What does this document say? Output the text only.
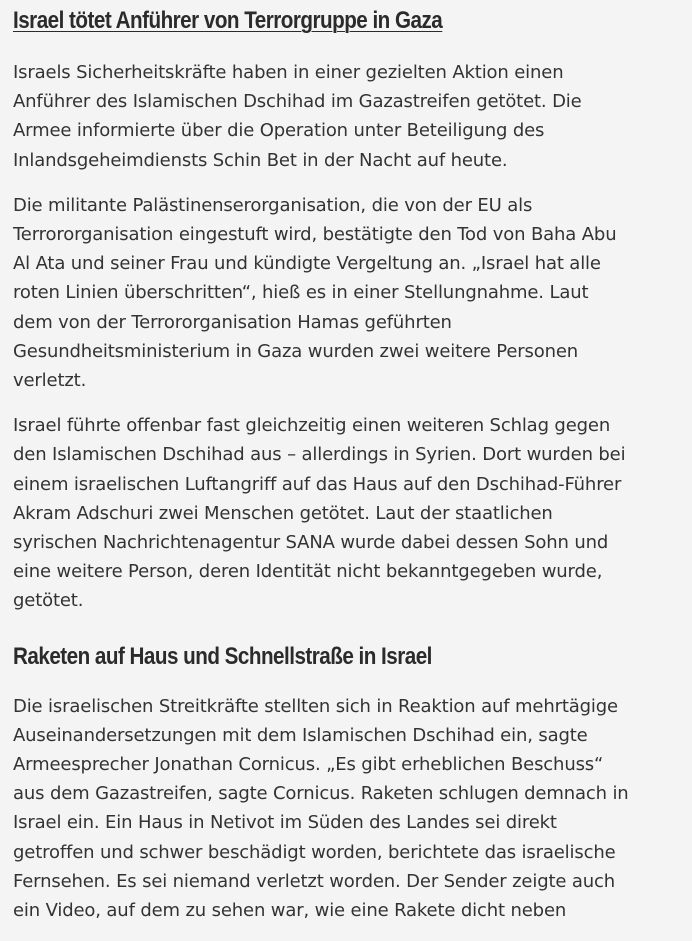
Israel tötet Anführer von Terrorgruppe in Gaza

Israels Sicherheitskräfte haben in einer gezielten Aktion einen
Anführer des Islamischen Dschihad im Gazastreifen getötet. Die
Armee informierte über die Operation unter Beteiligung des
Inlandsgeheimdiensts Schin Bet in der Nacht auf heute.

Die militante Palästinenserorganisation, die von der EU als
Terrororganisation eingestuft wird, bestätigte den Tod von Baha Abu
Al Ata und seiner Frau und kündigte Vergeltung an. „Israel hat alle
roten Linien überschritten“, hieß es in einer Stellungnahme. Laut
dem von der Terrororganisation Hamas geführten
Gesundheitsministerium in Gaza wurden zwei weitere Personen
verletzt.

Israel führte offenbar fast gleichzeitig einen weiteren Schlag gegen
den Islamischen Dschihad aus – allerdings in Syrien. Dort wurden bei
einem israelischen Luftangriff auf das Haus auf den Dschihad-Führer
Akram Adschuri zwei Menschen getötet. Laut der staatlichen
syrischen Nachrichtenagentur SANA wurde dabei dessen Sohn und
eine weitere Person, deren Identität nicht bekanntgegeben wurde,
getötet.

Raketen auf Haus und Schnellstraße in Israel

Die israelischen Streitkräfte stellten sich in Reaktion auf mehrtägige
Auseinandersetzungen mit dem Islamischen Dschihad ein, sagte
Armeesprecher Jonathan Cornicus. „Es gibt erheblichen Beschuss“
aus dem Gazastreifen, sagte Cornicus. Raketen schlugen demnach in
Israel ein. Ein Haus in Netivot im Süden des Landes sei direkt
getroffen und schwer beschädigt worden, berichtete das israelische
Fernsehen. Es sei niemand verletzt worden. Der Sender zeigte auch
ein Video, auf dem zu sehen war, wie eine Rakete dicht neben
